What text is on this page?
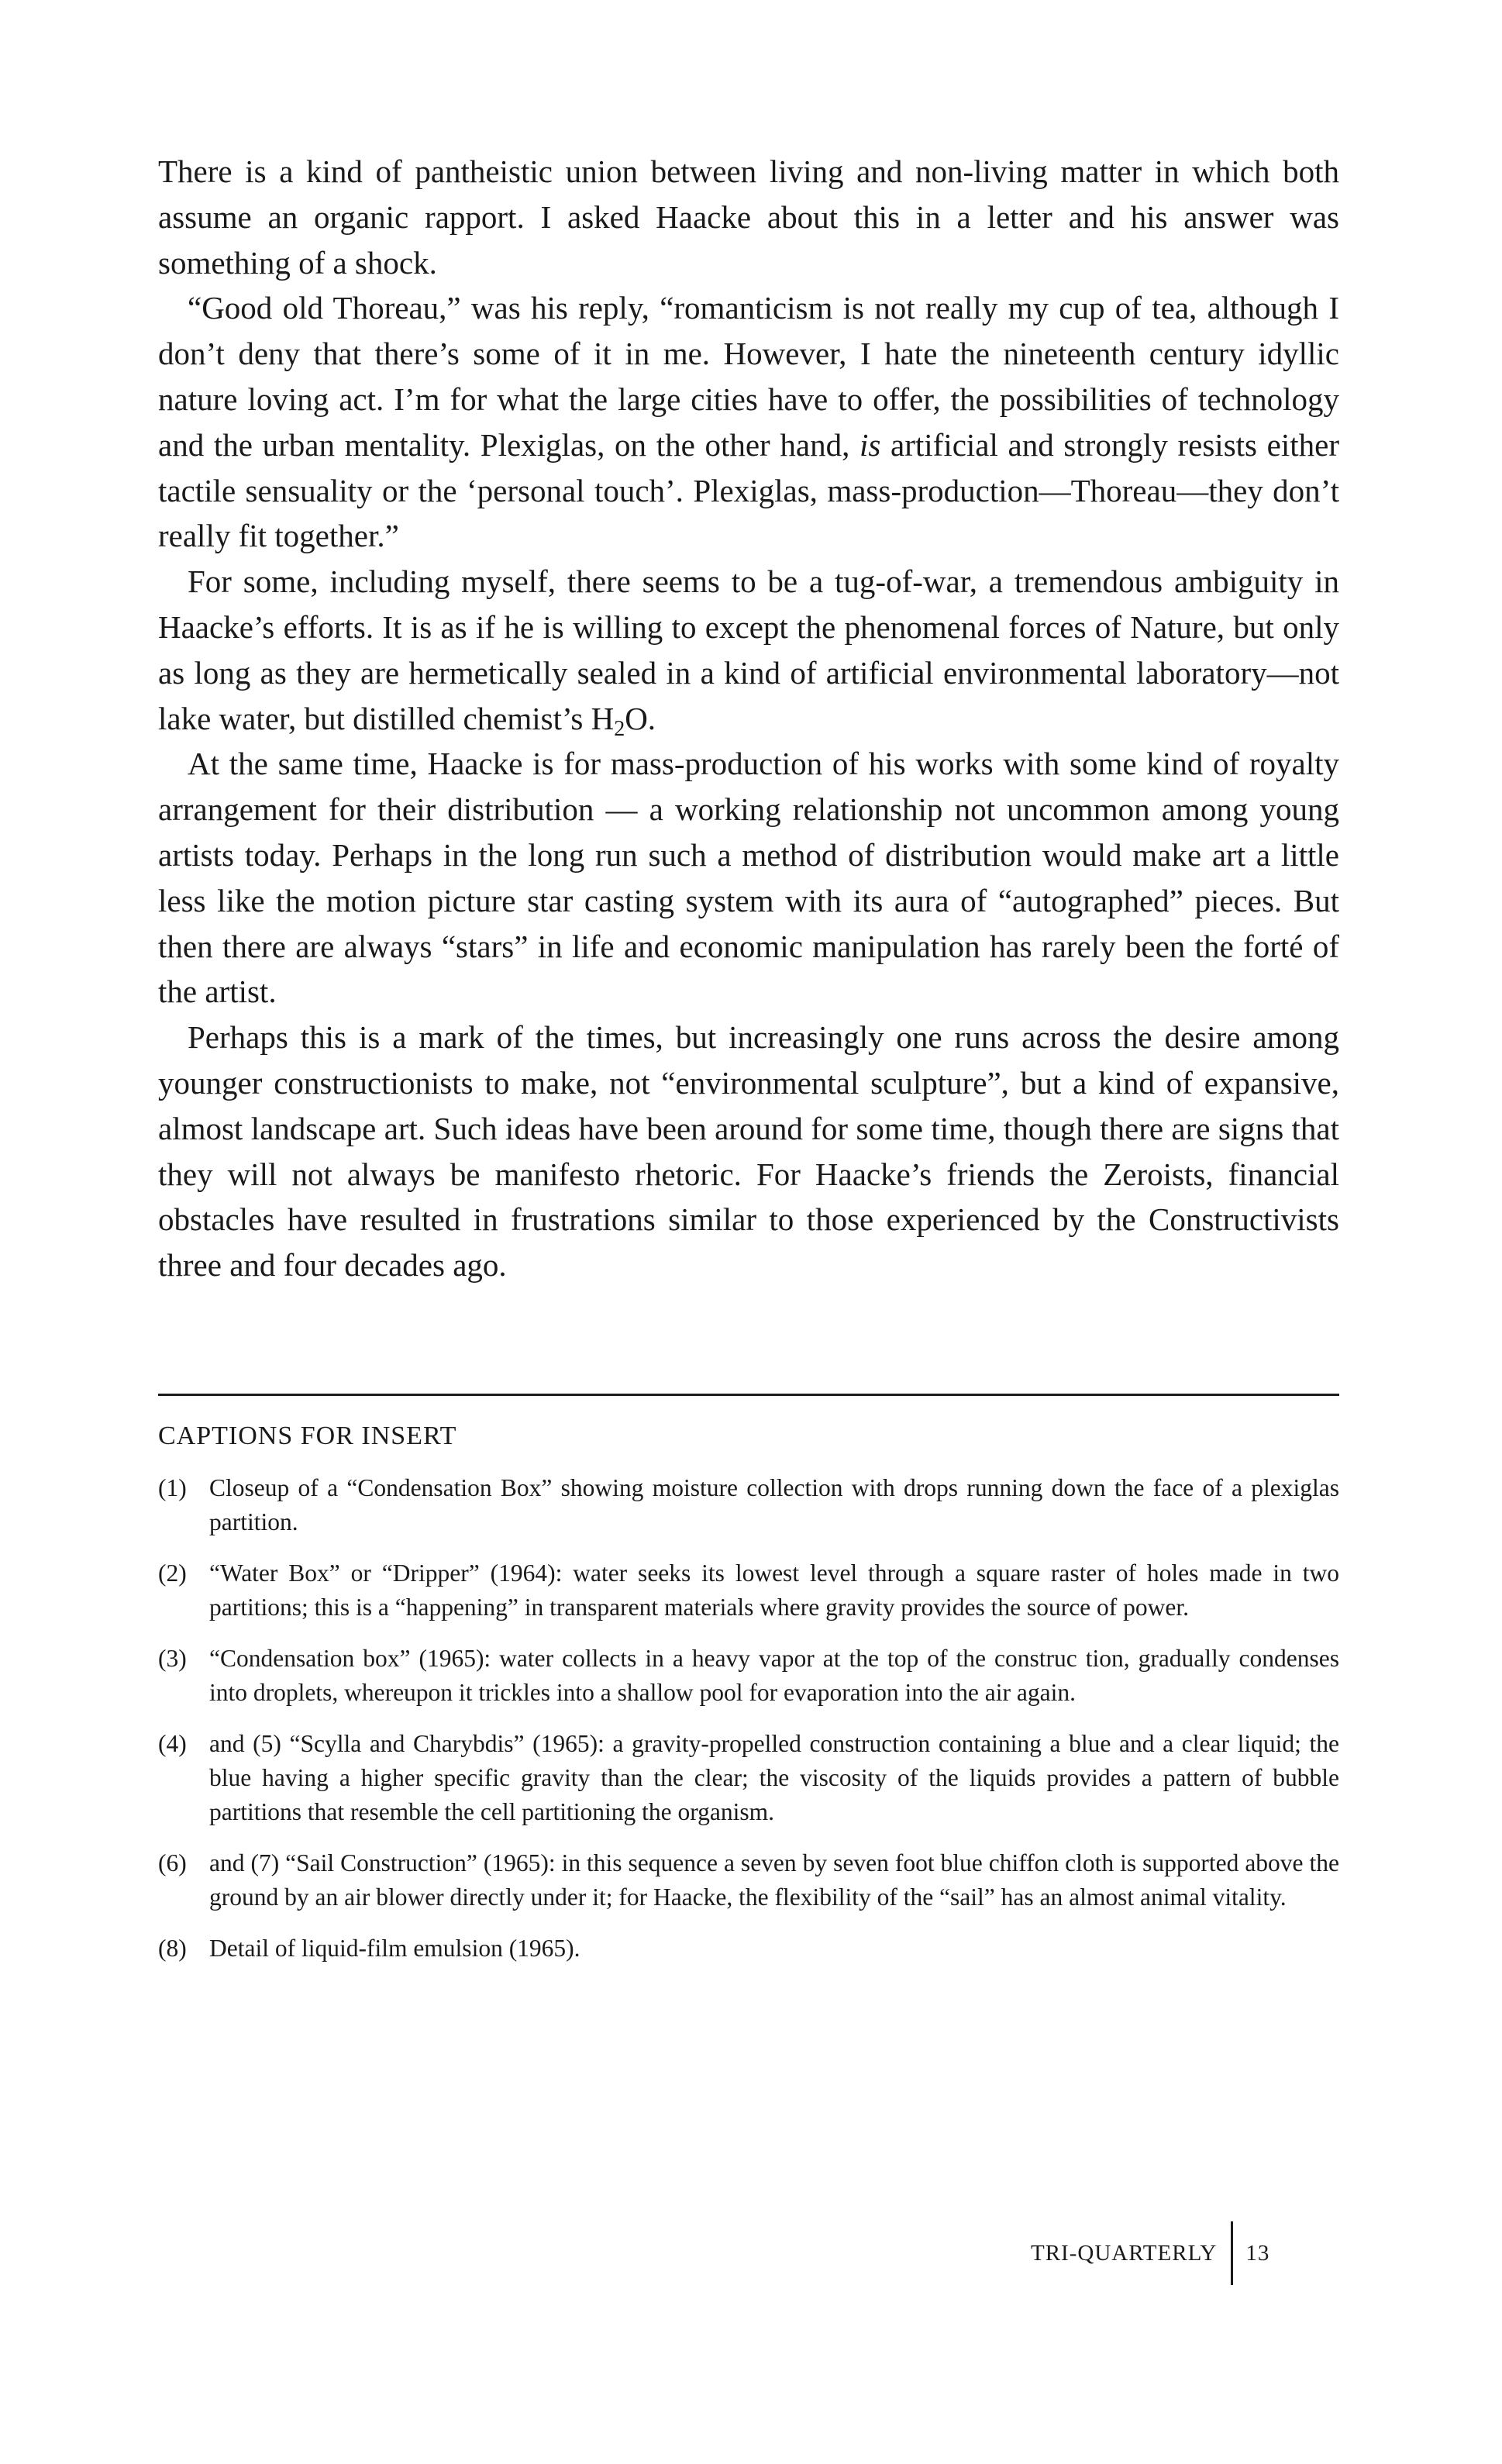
There is a kind of pantheistic union between living and non-living matter in which both assume an organic rapport. I asked Haacke about this in a letter and his answer was something of a shock.

“Good old Thoreau,” was his reply, “romanticism is not really my cup of tea, although I don’t deny that there’s some of it in me. However, I hate the nineteenth century idyllic nature loving act. I’m for what the large cities have to offer, the possibilities of technology and the urban mentality. Plexiglas, on the other hand, is artificial and strongly resists either tactile sensuality or the ‘personal touch’. Plexiglas, mass-production—Thoreau—they don’t really fit together.”

For some, including myself, there seems to be a tug-of-war, a tremendous ambiguity in Haacke’s efforts. It is as if he is willing to except the phenomenal forces of Nature, but only as long as they are hermetically sealed in a kind of artificial environmental laboratory—not lake water, but distilled chemist’s $H_2O$.

At the same time, Haacke is for mass-production of his works with some kind of royalty arrangement for their distribution — a working relationship not uncommon among young artists today. Perhaps in the long run such a method of distribution would make art a little less like the motion picture star casting system with its aura of “autographed” pieces. But then there are always “stars” in life and economic manipulation has rarely been the forté of the artist.

Perhaps this is a mark of the times, but increasingly one runs across the desire among younger constructionists to make, not “environmental sculpture”, but a kind of expansive, almost landscape art. Such ideas have been around for some time, though there are signs that they will not always be manifesto rhetoric. For Haacke’s friends the Zeroists, financial obstacles have resulted in frustrations similar to those experienced by the Constructivists three and four decades ago.

CAPTIONS FOR INSERT
(1) Closeup of a “Condensation Box” showing moisture collection with drops running down the face of a plexiglas partition.
(2) “Water Box” or “Dripper” (1964): water seeks its lowest level through a square raster of holes made in two partitions; this is a “happening” in transparent materials where gravity provides the source of power.
(3) “Condensation box” (1965): water collects in a heavy vapor at the top of the construc tion, gradually condenses into droplets, whereupon it trickles into a shallow pool for evaporation into the air again.
(4) and (5) “Scylla and Charybdis” (1965): a gravity-propelled construction containing a blue and a clear liquid; the blue having a higher specific gravity than the clear; the viscosity of the liquids provides a pattern of bubble partitions that resemble the cell partitioning the organism.
(6) and (7) “Sail Construction” (1965): in this sequence a seven by seven foot blue chiffon cloth is supported above the ground by an air blower directly under it; for Haacke, the flexibility of the “sail” has an almost animal vitality.
(8) Detail of liquid-film emulsion (1965).
TRI-QUARTERLY	13
